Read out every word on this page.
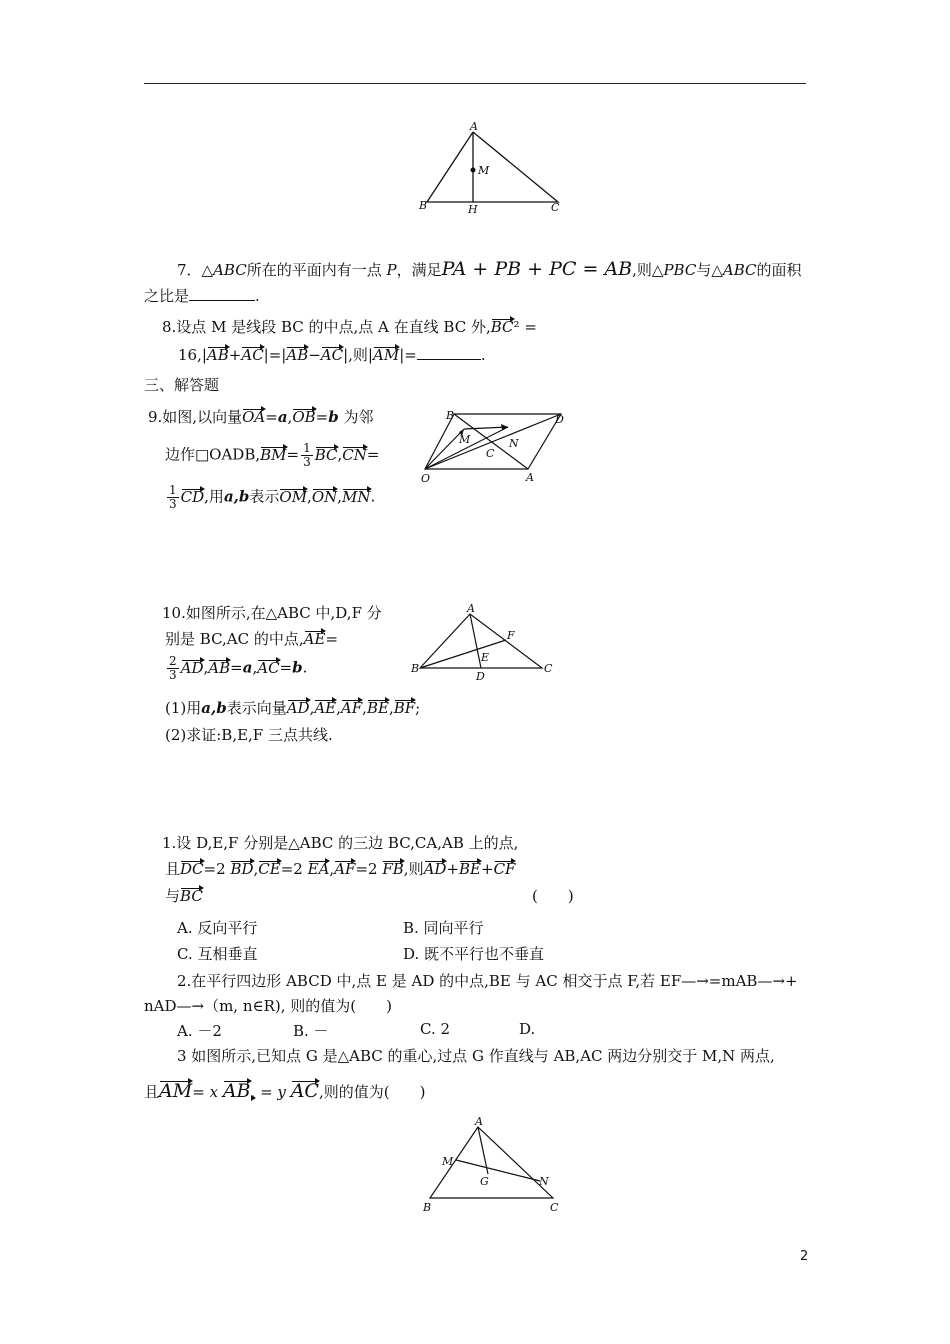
A
M
B	H	C
7．△ABC所在的平面内有一点 P，满足PA + PB + PC = AB,则△PBC与△ABC的面积
之比是	.
8.设点 M 是线段 BC 的中点,点 A 在直线 BC 外,BC² =
16,|AB+AC|=|AB−AC|,则|AM|=	.
三、解答题
9.如图,以向量OA=a,OB=b 为邻
边作□OADB,BM= $\frac{1}{3} BC,CN=$
$\frac{1}{3}$ CD,用a,b表示OM,ON,MN.
B	D
M	N
C
O	A
10.如图所示,在△ABC 中,D,F 分
别是 BC,AC 的中点,AE=
$\frac{2}{3} AD,AB=a,AC=b$.
(1)用a,b表示向量AD,AE,AF,BE,BF;
(2)求证:B,E,F 三点共线.
A
F
E
B
D
C
1.设 D,E,F 分别是△ABC 的三边 BC,CA,AB 上的点,
且DC=2 BD,CE=2 EA,AF=2 FB,则AD+BE+CF
与BC	(　　)
A. 反向平行	B. 同向平行
C. 互相垂直	D. 既不平行也不垂直
2.在平行四边形 ABCD 中,点 E 是 AD 的中点,BE 与 AC 相交于点 F,若 EF—→=mAB—→+
nAD—→（m, n∈R), 则的值为(　　)
A. －2	B. －	C. 2	D.
3 如图所示,已知点 G 是△ABC 的重心,过点 G 作直线与 AB,AC 两边分别交于 M,N 两点,
且AM= x AB, = y AC,则的值为(　　)
A
M
G	N
B	C
2
